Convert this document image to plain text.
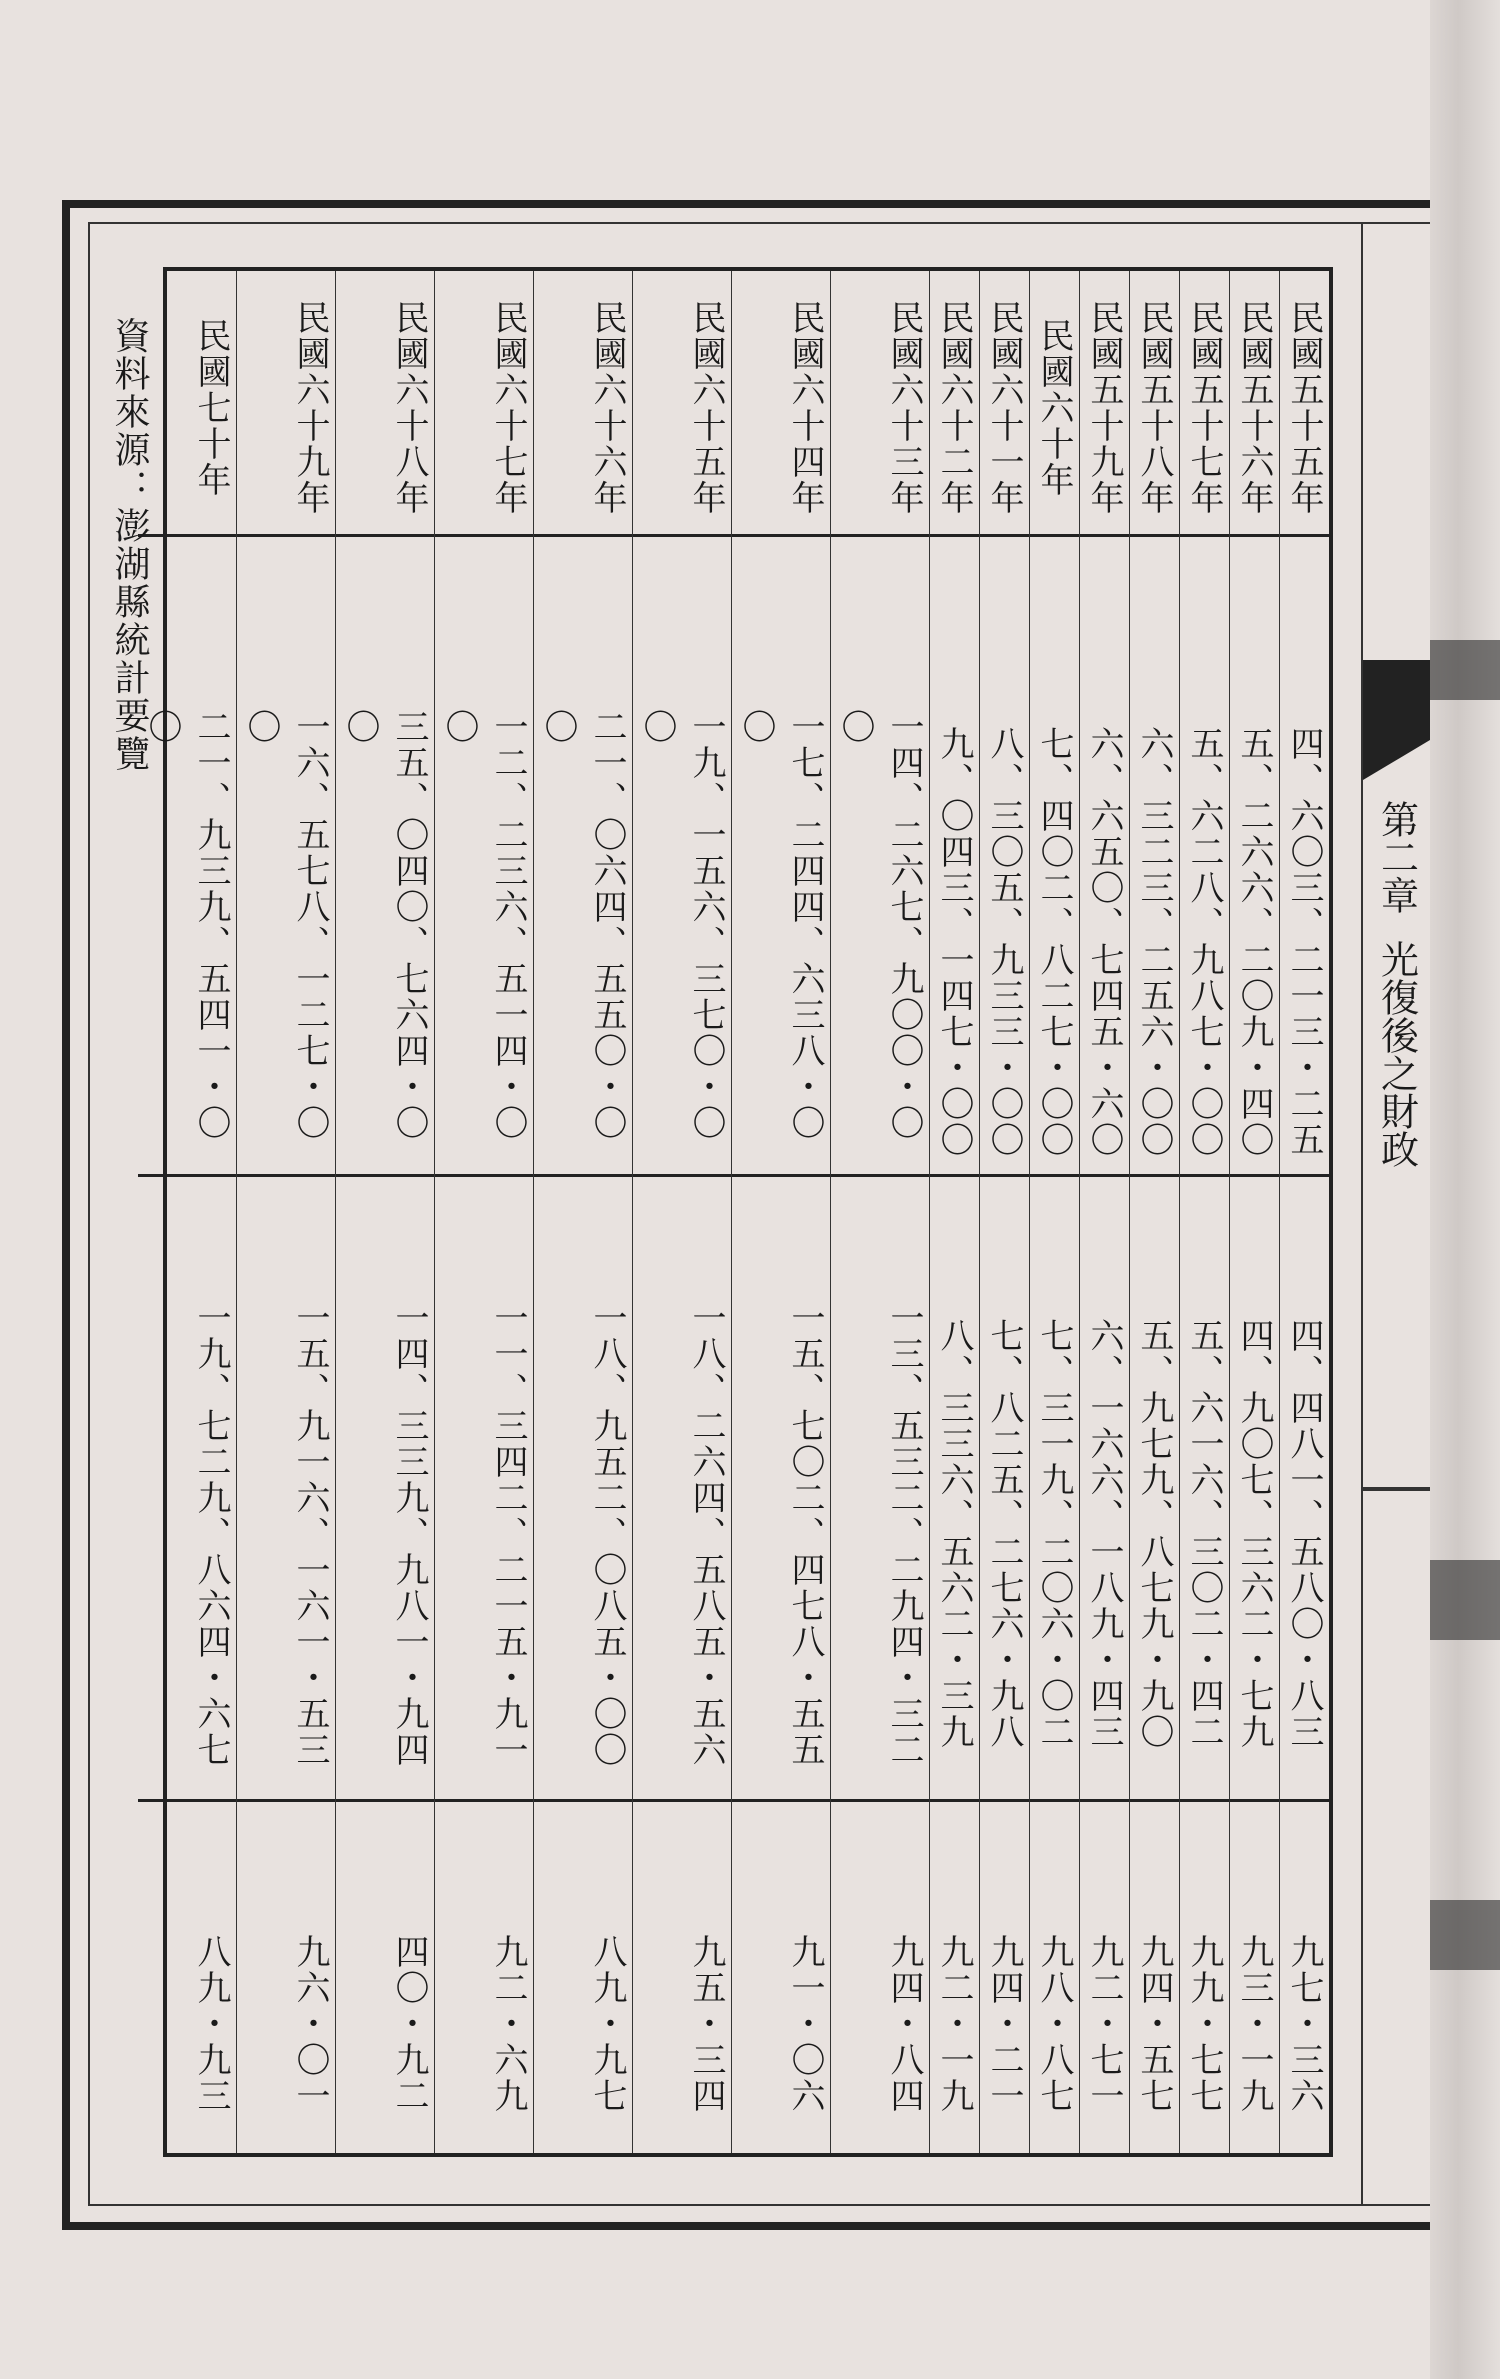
第二章
光復後之財政
民國五十五年
四、六〇三、二一三・二五
四、四八一、五八〇・八三
九七・三六
民國五十六年
五、二六六、二〇九・四〇
四、九〇七、三六二・七九
九三・一九
民國五十七年
五、六二八、九八七・〇〇
五、六一六、三〇二・四二
九九・七七
民國五十八年
六、三二三、二五六・〇〇
五、九七九、八七九・九〇
九四・五七
民國五十九年
六、六五〇、七四五・六〇
六、一六六、一八九・四三
九二・七一
民國六十年
七、四〇二、八二七・〇〇
七、三一九、二〇六・〇二
九八・八七
民國六十一年
八、三〇五、九三三・〇〇
七、八二五、二七六・九八
九四・二一
民國六十二年
九、〇四三、一四七・〇〇
八、三三六、五六二・三九
九二・一九
民國六十三年
一四、二六七、九〇〇・〇〇
一三、五三二、二九四・三二
九四・八四
民國六十四年
一七、二四四、六三八・〇〇
一五、七〇二、四七八・五五
九一・〇六
民國六十五年
一九、一五六、三七〇・〇〇
一八、二六四、五八五・五六
九五・三四
民國六十六年
二一、〇六四、五五〇・〇〇
一八、九五二、〇八五・〇〇
八九・九七
民國六十七年
一二、二三六、五一四・〇〇
一一、三四二、二一五・九一
九二・六九
民國六十八年
三五、〇四〇、七六四・〇〇
一四、三三九、九八一・九四
四〇・九二
民國六十九年
一六、五七八、一二七・〇〇
一五、九一六、一六一・五三
九六・〇一
民國七十年
二一、九三九、五四一・〇〇
一九、七二九、八六四・六七
八九・九三
資料來源：澎湖縣統計要覽
